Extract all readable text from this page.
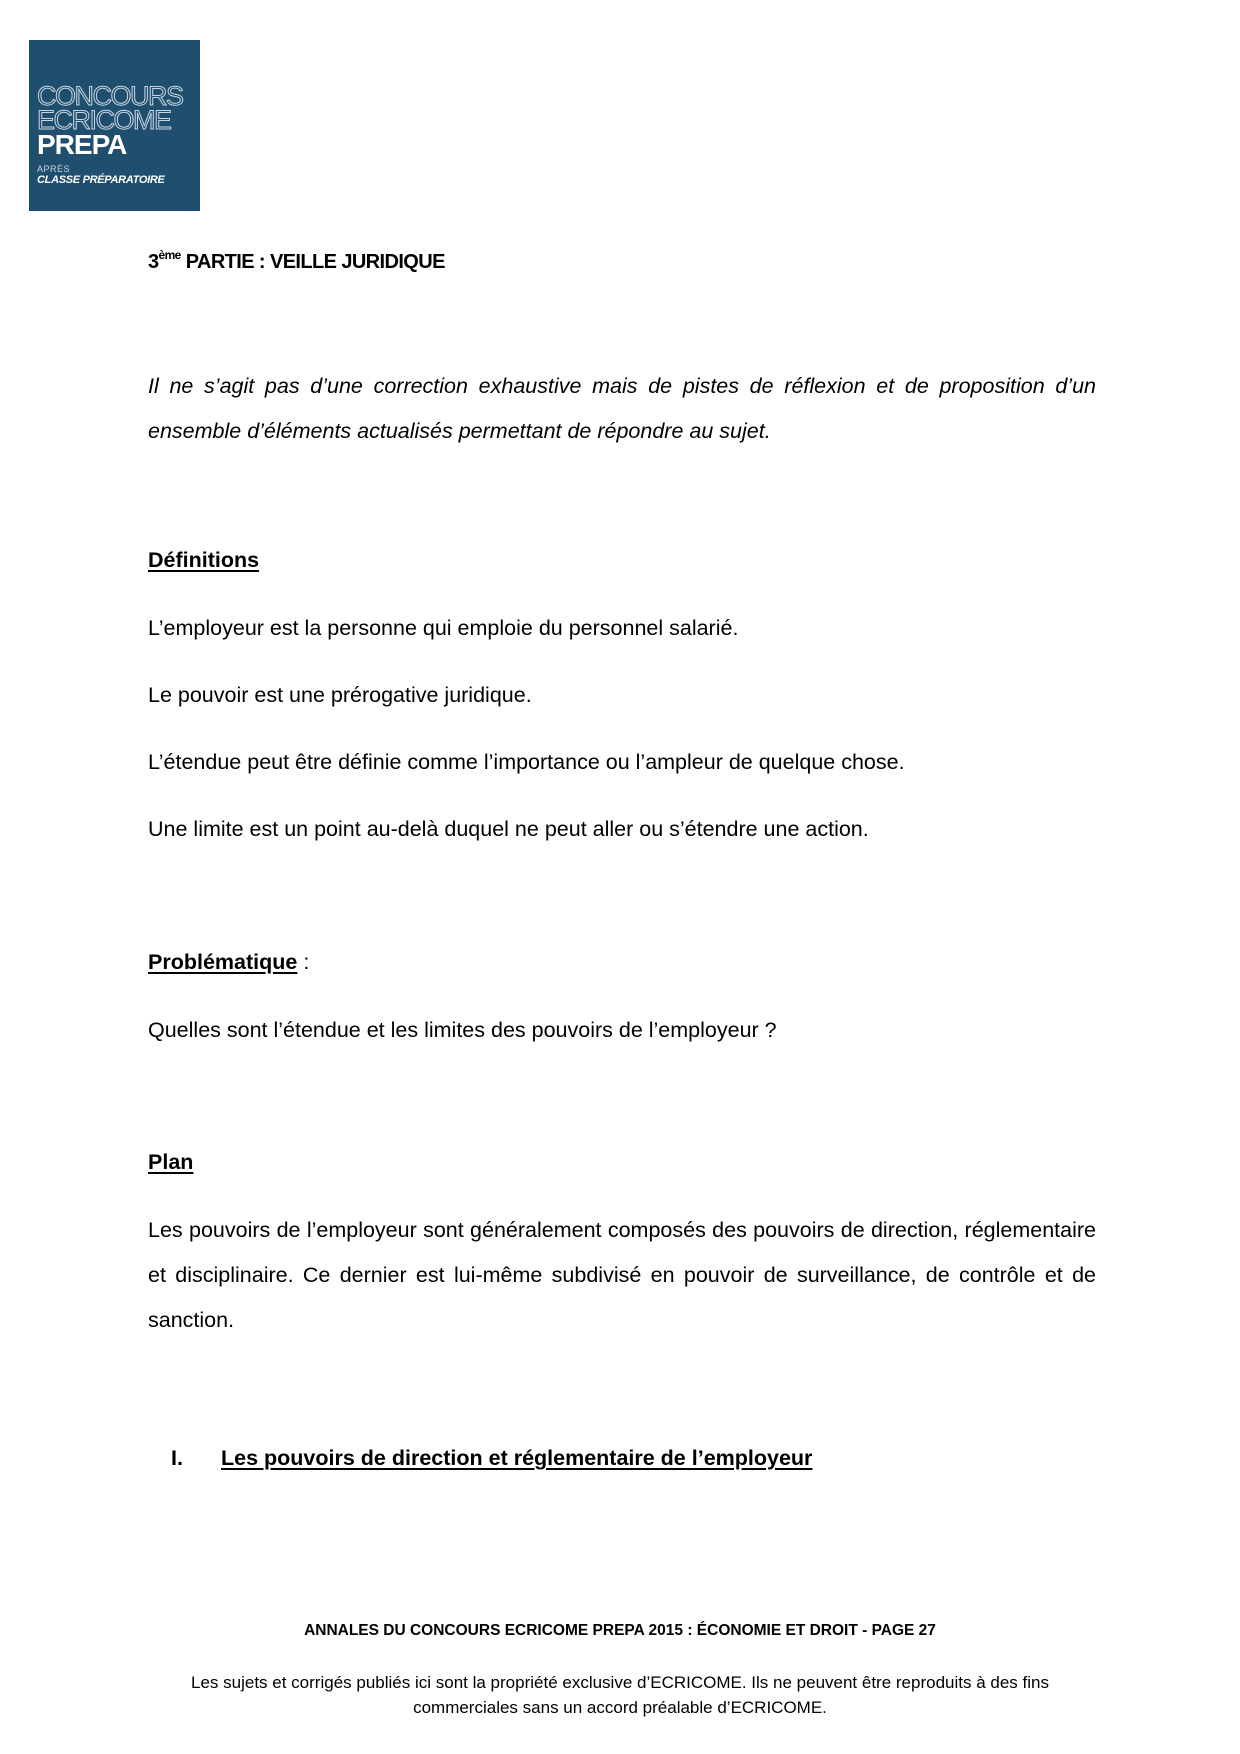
CONCOURS
ECRICOME
PREPA
APRÈS
CLASSE PRÉPARATOIRE
3ème PARTIE : VEILLE JURIDIQUE

Il ne s’agit pas d’une correction exhaustive mais de pistes de réflexion et de proposition d’un ensemble d’éléments actualisés permettant de répondre au sujet.

Définitions

L’employeur est la personne qui emploie du personnel salarié.

Le pouvoir est une prérogative juridique.

L’étendue peut être définie comme l’importance ou l’ampleur de quelque chose.

Une limite est un point au-delà duquel ne peut aller ou s’étendre une action.

Problématique :

Quelles sont l’étendue et les limites des pouvoirs de l’employeur ?

Plan

Les pouvoirs de l’employeur sont généralement composés des pouvoirs de direction, réglementaire et disciplinaire. Ce dernier est lui-même subdivisé en pouvoir de surveillance, de contrôle et de sanction.

I. Les pouvoirs de direction et réglementaire de l’employeur
ANNALES DU CONCOURS ECRICOME PREPA 2015 : ÉCONOMIE ET DROIT - PAGE 27
Les sujets et corrigés publiés ici sont la propriété exclusive d’ECRICOME. Ils ne peuvent être reproduits à des fins commerciales sans un accord préalable d’ECRICOME.
